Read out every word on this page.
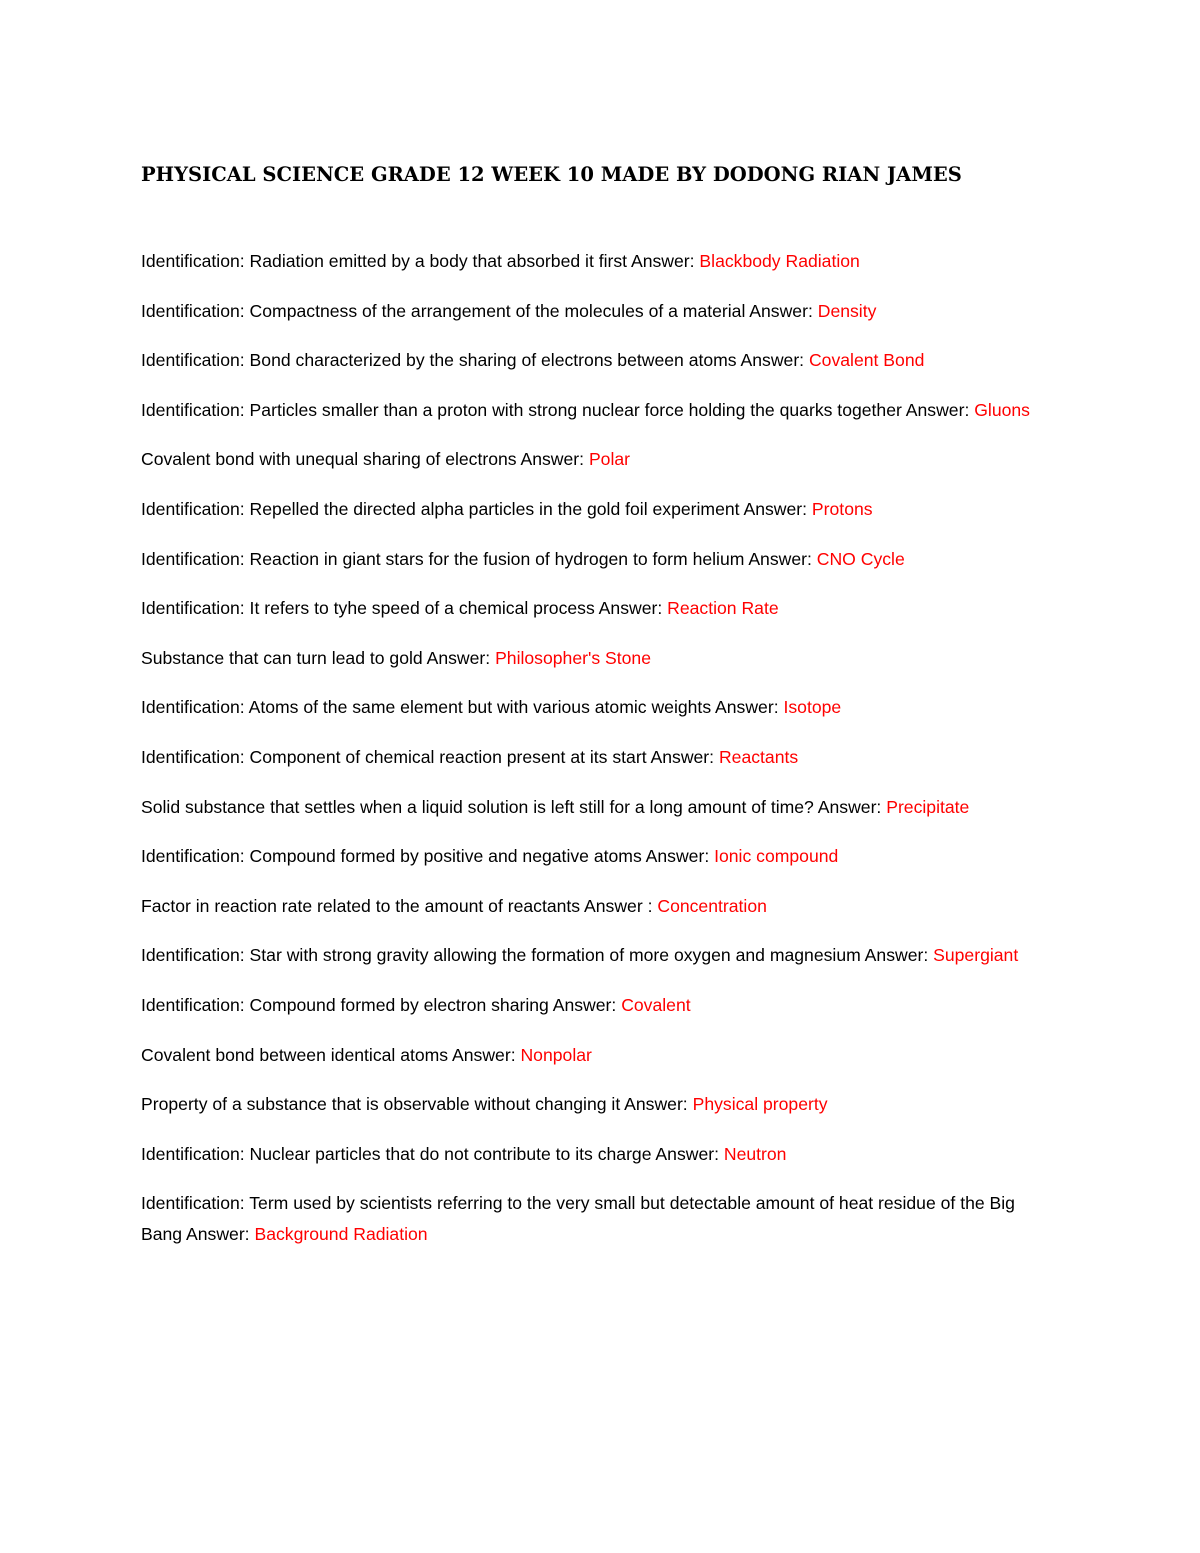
PHYSICAL SCIENCE GRADE 12 WEEK 10 MADE BY DODONG RIAN JAMES

Identification: Radiation emitted by a body that absorbed it first Answer: Blackbody Radiation

Identification: Compactness of the arrangement of the molecules of a material Answer: Density

Identification: Bond characterized by the sharing of electrons between atoms Answer: Covalent Bond

Identification: Particles smaller than a proton with strong nuclear force holding the quarks together Answer: Gluons

Covalent bond with unequal sharing of electrons Answer: Polar

Identification: Repelled the directed alpha particles in the gold foil experiment Answer: Protons

Identification: Reaction in giant stars for the fusion of hydrogen to form helium Answer: CNO Cycle

Identification: It refers to tyhe speed of a chemical process Answer: Reaction Rate

Substance that can turn lead to gold Answer: Philosopher's Stone

Identification: Atoms of the same element but with various atomic weights Answer: Isotope

Identification: Component of chemical reaction present at its start Answer: Reactants

Solid substance that settles when a liquid solution is left still for a long amount of time? Answer: Precipitate

Identification: Compound formed by positive and negative atoms Answer: Ionic compound

Factor in reaction rate related to the amount of reactants Answer : Concentration

Identification: Star with strong gravity allowing the formation of more oxygen and magnesium Answer: Supergiant

Identification: Compound formed by electron sharing Answer: Covalent

Covalent bond between identical atoms Answer: Nonpolar

Property of a substance that is observable without changing it Answer: Physical property

Identification: Nuclear particles that do not contribute to its charge Answer: Neutron

Identification: Term used by scientists referring to the very small but detectable amount of heat residue of the Big Bang Answer: Background Radiation
